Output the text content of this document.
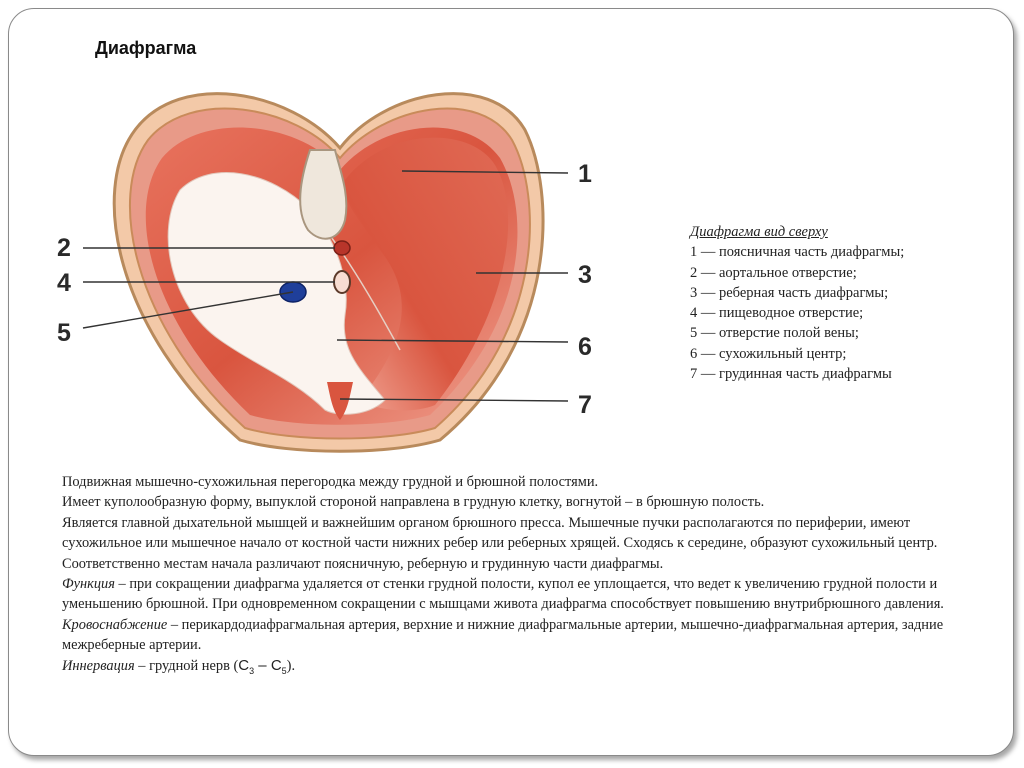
Диафрагма
1
2
3
4
5	6
7
Диафрагма вид сверху
1 — поясничная часть диафрагмы;
2 — аортальное отверстие;
3 — реберная часть диафрагмы;
4 — пищеводное отверстие;
5 — отверстие полой вены;
6 — сухожильный центр;
7 — грудинная часть диафрагмы

Подвижная мышечно-сухожильная перегородка между грудной и брюшной полостями.

Имеет куполообразную форму, выпуклой стороной направлена в грудную клетку, вогнутой – в брюшную полость.

Является главной дыхательной мышцей и важнейшим органом брюшного пресса. Мышечные пучки располагаются по периферии, имеют сухожильное или мышечное начало от костной части нижних ребер или реберных хрящей. Сходясь к середине, образуют сухожильный центр. Соответственно местам начала различают поясничную, реберную и грудинную части диафрагмы.

Функция – при сокращении диафрагма удаляется от стенки грудной полости, купол ее уплощается, что ведет к увеличению грудной полости и уменьшению брюшной. При одновременном сокращении с мышцами живота диафрагма способствует повышению внутрибрюшного давления.

Кровоснабжение – перикардодиафрагмальная артерия, верхние и нижние диафрагмальные артерии, мышечно-диафрагмальная артерия, задние межреберные артерии.

Иннервация – грудной нерв $(C_3 - C_5)$.
